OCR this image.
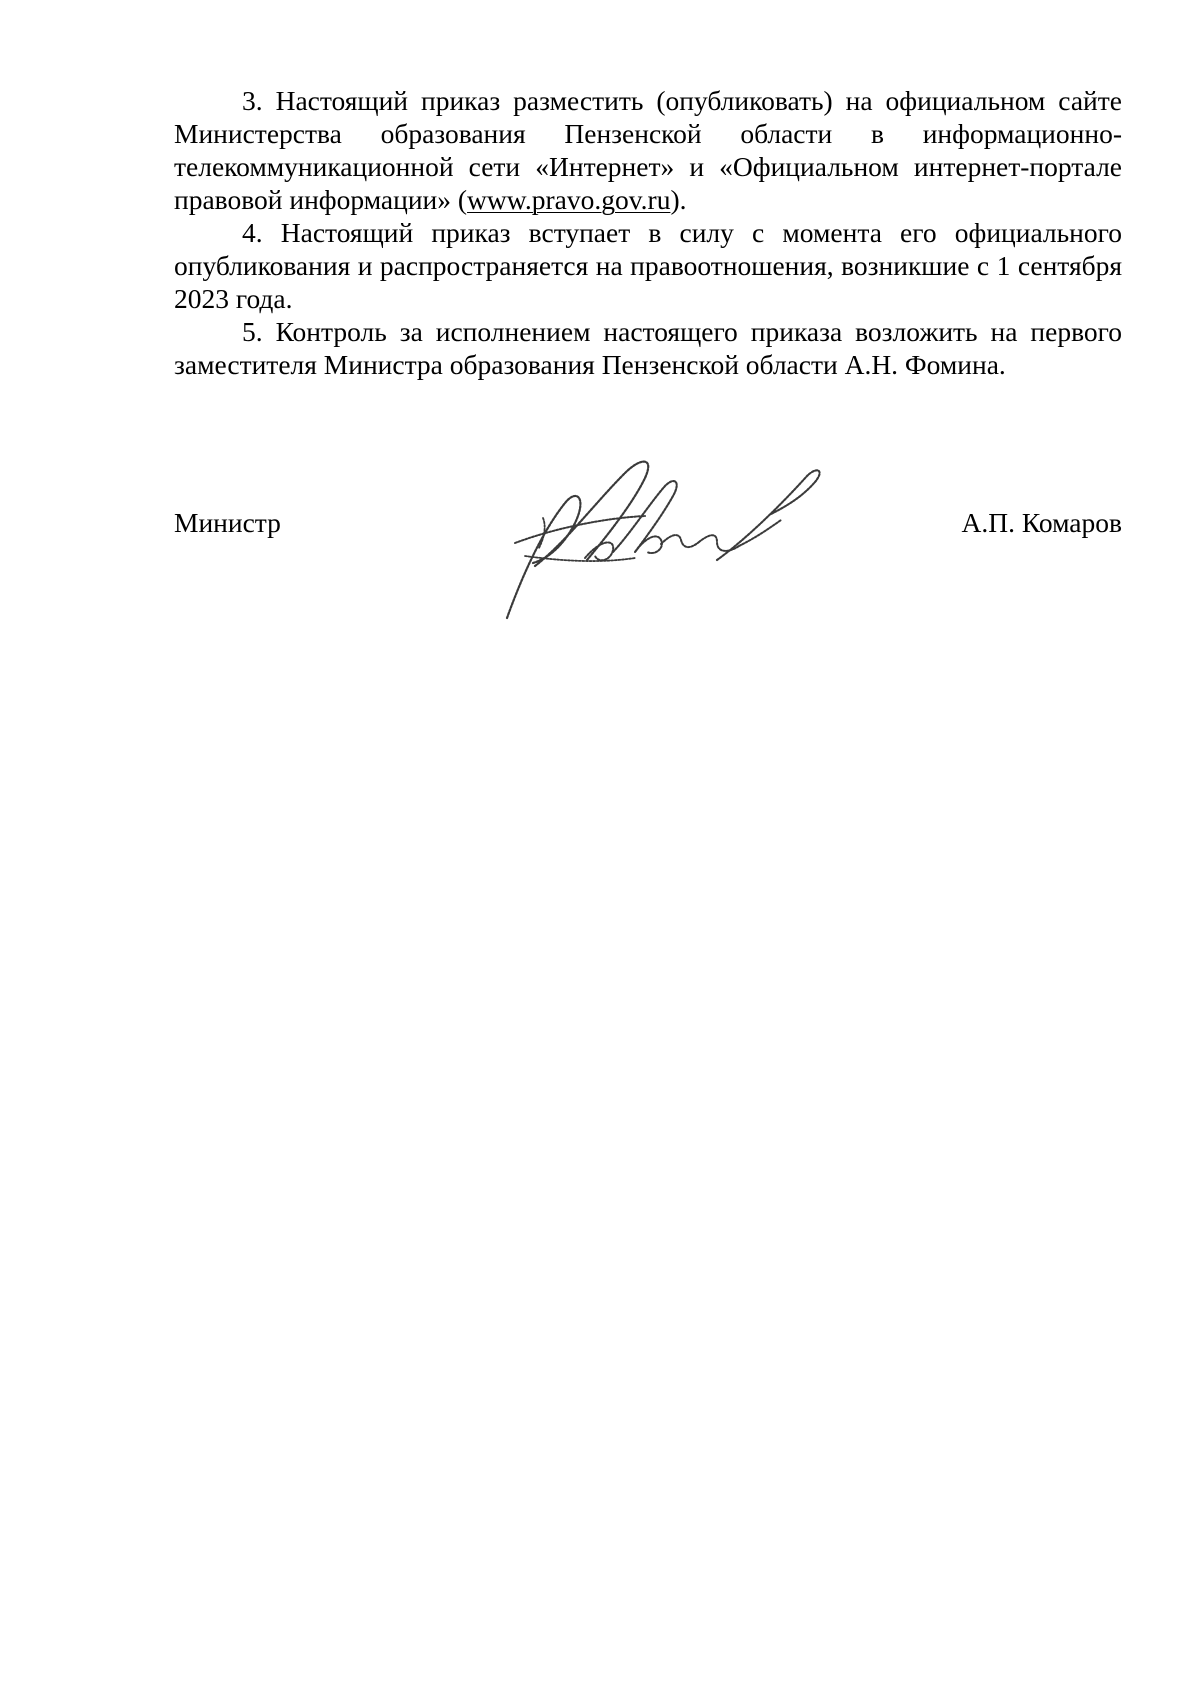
3. Настоящий приказ разместить (опубликовать) на официальном сайте Министерства образования Пензенской области в информационно-телекоммуникационной сети «Интернет» и «Официальном интернет-портале правовой информации» (www.pravo.gov.ru).

4. Настоящий приказ вступает в силу с момента его официального опубликования и распространяется на правоотношения, возникшие с 1 сентября 2023 года.

5. Контроль за исполнением настоящего приказа возложить на первого заместителя Министра образования Пензенской области А.Н. Фомина.

Министр	А.П. Комаров
